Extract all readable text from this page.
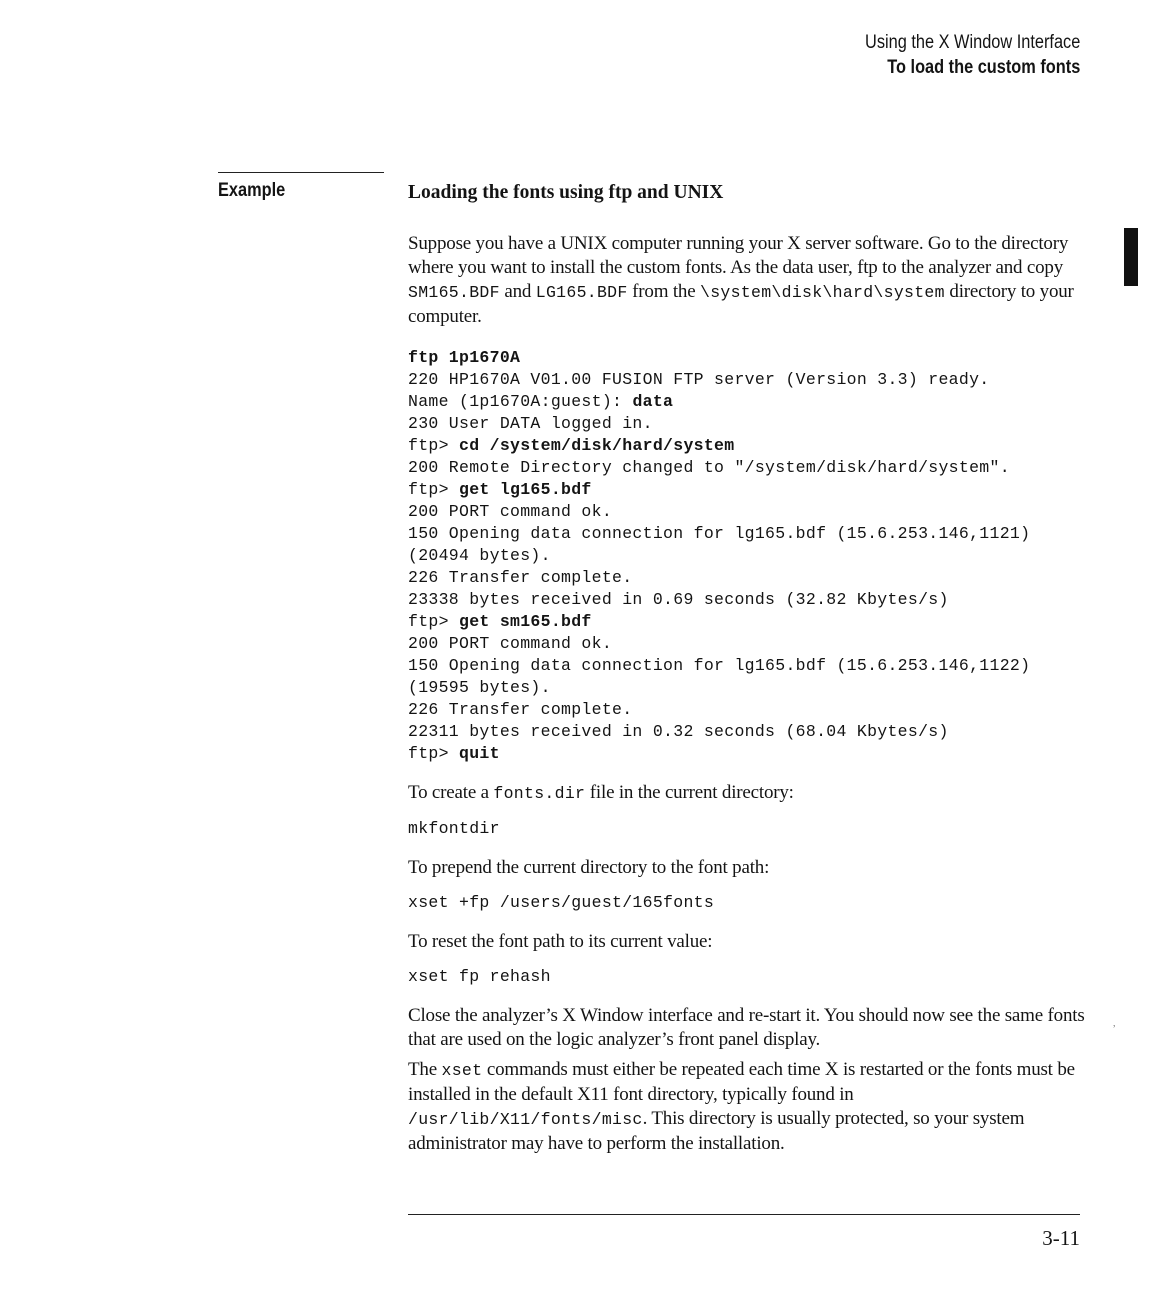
Using the X Window Interface
To load the custom fonts
Example
,
Loading the fonts using ftp and UNIX

Suppose you have a UNIX computer running your X server software. Go to the directory where you want to install the custom fonts. As the data user, ftp to the analyzer and copy SM165.BDF and LG165.BDF from the \system\disk\hard\system directory to your computer.

ftp 1p1670A
220 HP1670A V01.00 FUSION FTP server (Version 3.3) ready.
Name (1p1670A:guest): data
230 User DATA logged in.
ftp> cd /system/disk/hard/system
200 Remote Directory changed to "/system/disk/hard/system".
ftp> get lg165.bdf
200 PORT command ok.
150 Opening data connection for lg165.bdf (15.6.253.146,1121)
(20494 bytes).
226 Transfer complete.
23338 bytes received in 0.69 seconds (32.82 Kbytes/s)
ftp> get sm165.bdf
200 PORT command ok.
150 Opening data connection for lg165.bdf (15.6.253.146,1122)
(19595 bytes).
226 Transfer complete.
22311 bytes received in 0.32 seconds (68.04 Kbytes/s)
ftp> quit

To create a fonts.dir file in the current directory:

mkfontdir

To prepend the current directory to the font path:

xset +fp /users/guest/165fonts

To reset the font path to its current value:

xset fp rehash

Close the analyzer’s X Window interface and re-start it. You should now see the same fonts that are used on the logic analyzer’s front panel display.

The xset commands must either be repeated each time X is restarted or the fonts must be installed in the default X11 font directory, typically found in /usr/lib/X11/fonts/misc. This directory is usually protected, so your system administrator may have to perform the installation.

3-11
